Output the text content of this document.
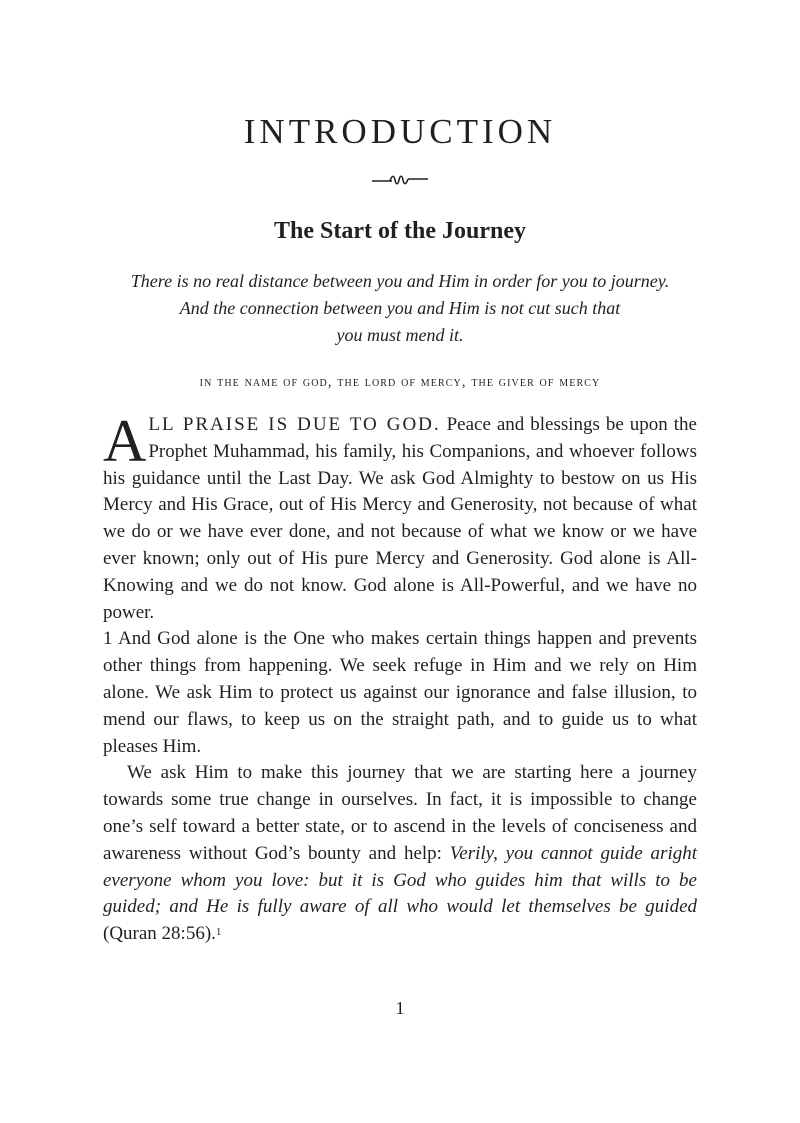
INTRODUCTION
The Start of the Journey
There is no real distance between you and Him in order for you to journey.
And the connection between you and Him is not cut such that
you must mend it.

in the name of god, the lord of mercy, the giver of mercy

ALL PRAISE IS DUE TO GOD. Peace and blessings be upon the Prophet Muhammad, his family, his Companions, and whoever follows his guidance until the Last Day. We ask God Almighty to bestow on us His Mercy and His Grace, out of His Mercy and Generosity, not because of what we do or we have ever done, and not because of what we know or we have ever known; only out of His pure Mercy and Generosity. God alone is All-Knowing and we do not know. God alone is All-Powerful, and we have no power.

1 And God alone is the One who makes certain things happen and prevents other things from happening. We seek refuge in Him and we rely on Him alone. We ask Him to protect us against our ignorance and false illusion, to mend our flaws, to keep us on the straight path, and to guide us to what pleases Him.

We ask Him to make this journey that we are starting here a journey towards some true change in ourselves. In fact, it is impossible to change one’s self toward a better state, or to ascend in the levels of conciseness and awareness without God’s bounty and help: Verily, you cannot guide aright everyone whom you love: but it is God who guides him that wills to be guided; and He is fully aware of all who would let themselves be guided (Quran 28:56).$^1$

1
